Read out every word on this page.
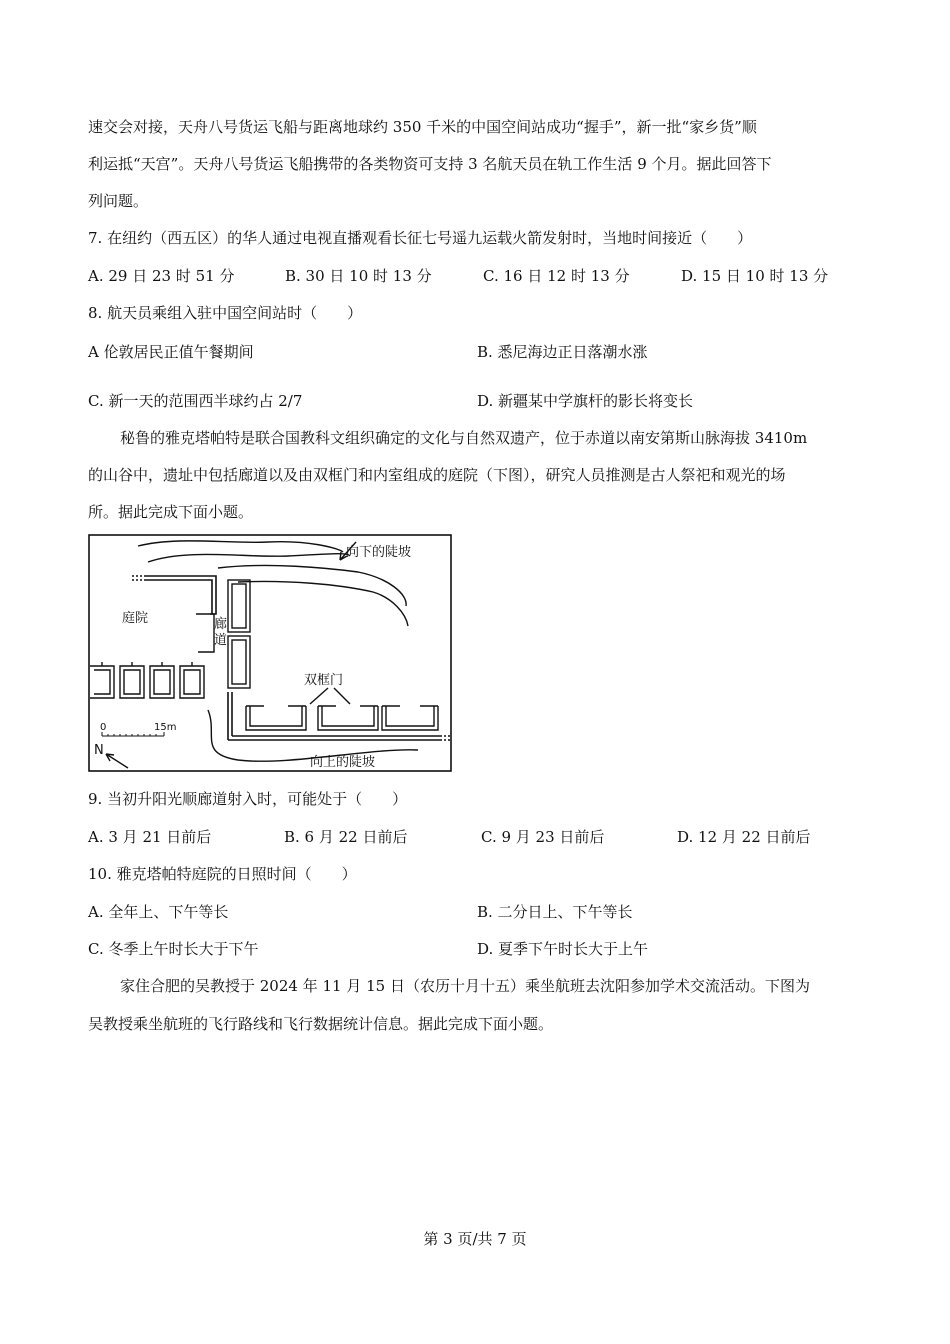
速交会对接，天舟八号货运飞船与距离地球约 350 千米的中国空间站成功“握手”，新一批“家乡货”顺
利运抵“天宫”。天舟八号货运飞船携带的各类物资可支持 3 名航天员在轨工作生活 9 个月。据此回答下
列问题。
7. 在纽约（西五区）的华人通过电视直播观看长征七号遥九运载火箭发射时，当地时间接近（　　）
A. 29 日 23 时 51 分	B. 30 日 10 时 13 分	C. 16 日 12 时 13 分	D. 15 日 10 时 13 分
8. 航天员乘组入驻中国空间站时（　　）
A 伦敦居民正值午餐期间	B. 悉尼海边正日落潮水涨
C. 新一天的范围西半球约占 2/7	D. 新疆某中学旗杆的影长将变长
秘鲁的雅克塔帕特是联合国教科文组织确定的文化与自然双遗产，位于赤道以南安第斯山脉海拔 3410m
的山谷中，遗址中包括廊道以及由双框门和内室组成的庭院（下图），研究人员推测是古人祭祀和观光的场
所。据此完成下面小题。
向下的陡坡
廊
道
庭院
双框门
向上的陡坡
0	15m
N
9. 当初升阳光顺廊道射入时，可能处于（　　）
A. 3 月 21 日前后	B. 6 月 22 日前后	C. 9 月 23 日前后	D. 12 月 22 日前后
10. 雅克塔帕特庭院的日照时间（　　）
A. 全年上、下午等长	B. 二分日上、下午等长
C. 冬季上午时长大于下午	D. 夏季下午时长大于上午
家住合肥的吴教授于 2024 年 11 月 15 日（农历十月十五）乘坐航班去沈阳参加学术交流活动。下图为
吴教授乘坐航班的飞行路线和飞行数据统计信息。据此完成下面小题。
第 3 页/共 7 页
